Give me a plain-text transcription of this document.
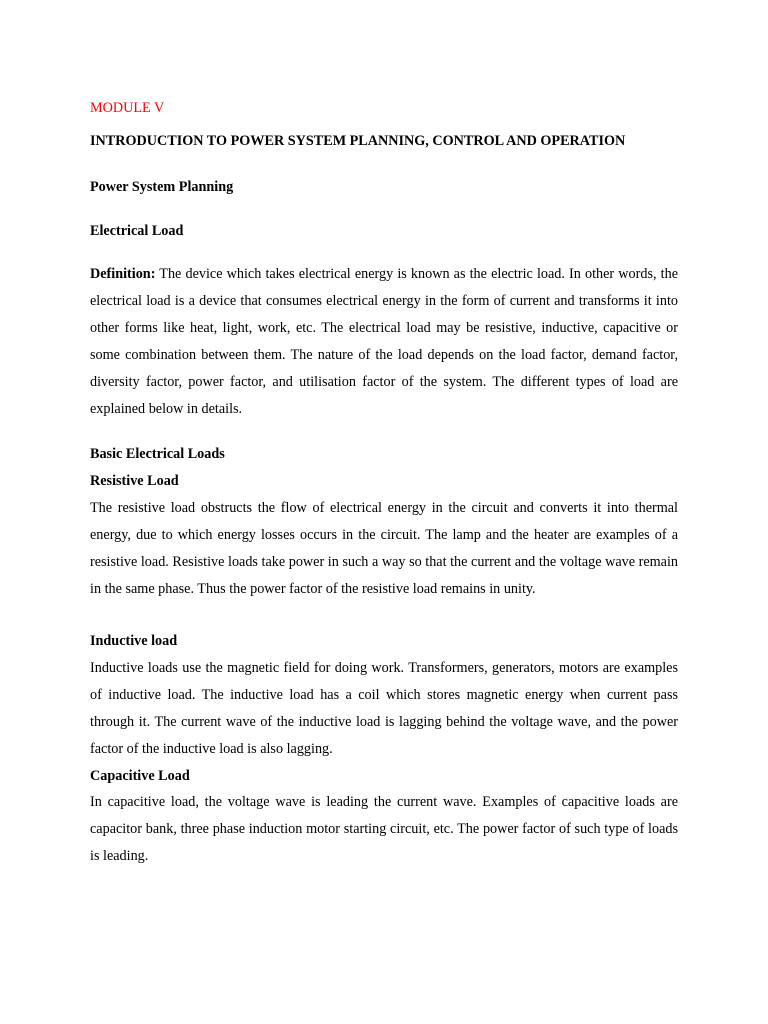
MODULE V
INTRODUCTION TO POWER SYSTEM PLANNING, CONTROL AND OPERATION
Power System Planning
Electrical Load

Definition: The device which takes electrical energy is known as the electric load. In other words, the electrical load is a device that consumes electrical energy in the form of current and transforms it into other forms like heat, light, work, etc. The electrical load may be resistive, inductive, capacitive or some combination between them. The nature of the load depends on the load factor, demand factor, diversity factor, power factor, and utilisation factor of the system. The different types of load are explained below in details.

Basic Electrical Loads
Resistive Load

The resistive load obstructs the flow of electrical energy in the circuit and converts it into thermal energy, due to which energy losses occurs in the circuit. The lamp and the heater are examples of a resistive load. Resistive loads take power in such a way so that the current and the voltage wave remain in the same phase. Thus the power factor of the resistive load remains in unity.

Inductive load

Inductive loads use the magnetic field for doing work. Transformers, generators, motors are examples of inductive load. The inductive load has a coil which stores magnetic energy when current pass through it. The current wave of the inductive load is lagging behind the voltage wave, and the power factor of the inductive load is also lagging.

Capacitive Load

In capacitive load, the voltage wave is leading the current wave. Examples of capacitive loads are capacitor bank, three phase induction motor starting circuit, etc. The power factor of such type of loads is leading.
